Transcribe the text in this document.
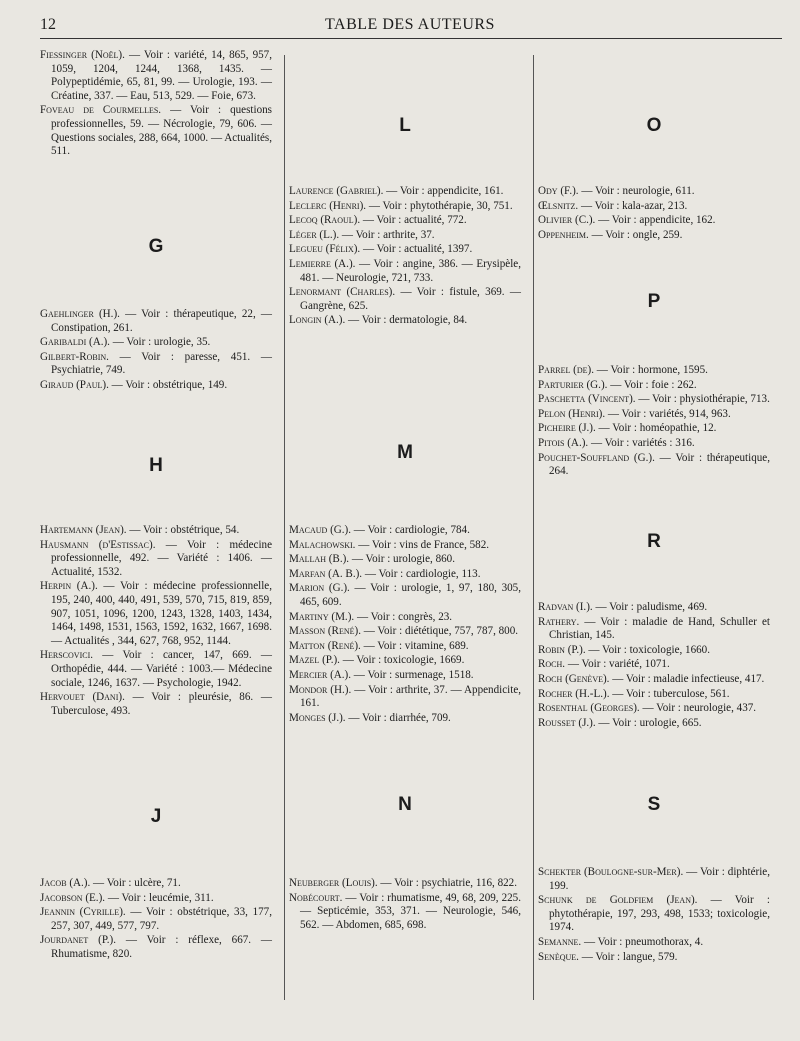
12	TABLE DES AUTEURS

Fiessinger (Noël). — Voir : variété, 14, 865, 957, 1059, 1204, 1244, 1368, 1435. — Polypeptidémie, 65, 81, 99. — Urologie, 193. — Créatine, 337. — Eau, 513, 529. — Foie, 673.

Foveau de Courmelles. — Voir : questions professionnelles, 59. — Nécrologie, 79, 606. — Questions sociales, 288, 664, 1000. — Actualités, 511.

G

Gaehlinger (H.). — Voir : thérapeutique, 22, — Constipation, 261.

Garibaldi (A.). — Voir : urologie, 35.

Gilbert-Robin. — Voir : paresse, 451. — Psychiatrie, 749.

Giraud (Paul). — Voir : obstétrique, 149.

H

Hartemann (Jean). — Voir : obstétrique, 54.

Hausmann (d'Estissac). — Voir : médecine professionnelle, 492. — Variété : 1406. — Actualité, 1532.

Herpin (A.). — Voir : médecine professionnelle, 195, 240, 400, 440, 491, 539, 570, 715, 819, 859, 907, 1051, 1096, 1200, 1243, 1328, 1403, 1434, 1464, 1498, 1531, 1563, 1592, 1632, 1667, 1698. — Actualités , 344, 627, 768, 952, 1144.

Herscovici. — Voir : cancer, 147, 669. — Orthopédie, 444. — Variété : 1003.— Médecine sociale, 1246, 1637. — Psychologie, 1942.

Hervouet (Dani). — Voir : pleurésie, 86. — Tuberculose, 493.

J

Jacob (A.). — Voir : ulcère, 71.

Jacobson (E.). — Voir : leucémie, 311.

Jeannin (Cyrille). — Voir : obstétrique, 33, 177, 257, 307, 449, 577, 797.

Jourdanet (P.). — Voir : réflexe, 667. — Rhumatisme, 820.

L

Laurence (Gabriel). — Voir : appendicite, 161.

Leclerc (Henri). — Voir : phytothérapie, 30, 751.

Lecoq (Raoul). — Voir : actualité, 772.

Léger (L.). — Voir : arthrite, 37.

Legueu (Félix). — Voir : actualité, 1397.

Lemierre (A.). — Voir : angine, 386. — Erysipèle, 481. — Neurologie, 721, 733.

Lenormant (Charles). — Voir : fistule, 369. — Gangrène, 625.

Longin (A.). — Voir : dermatologie, 84.

M

Macaud (G.). — Voir : cardiologie, 784.

Malachowski. — Voir : vins de France, 582.

Mallah (B.). — Voir : urologie, 860.

Marfan (A. B.). — Voir : cardiologie, 113.

Marion (G.). — Voir : urologie, 1, 97, 180, 305, 465, 609.

Martiny (M.). — Voir : congrès, 23.

Masson (René). — Voir : diététique, 757, 787, 800.

Matton (René). — Voir : vitamine, 689.

Mazel (P.). — Voir : toxicologie, 1669.

Mercier (A.). — Voir : surmenage, 1518.

Mondor (H.). — Voir : arthrite, 37. — Appendicite, 161.

Monges (J.). — Voir : diarrhée, 709.

N

Neuberger (Louis). — Voir : psychiatrie, 116, 822.

Nobécourt. — Voir : rhumatisme, 49, 68, 209, 225. — Septicémie, 353, 371. — Neurologie, 546, 562. — Abdomen, 685, 698.

O

Ody (F.). — Voir : neurologie, 611.

Œlsnitz. — Voir : kala-azar, 213.

Olivier (C.). — Voir : appendicite, 162.

Oppenheim. — Voir : ongle, 259.

P

Parrel (de). — Voir : hormone, 1595.

Parturier (G.). — Voir : foie : 262.

Paschetta (Vincent). — Voir : physiothérapie, 713.

Pelon (Henri). — Voir : variétés, 914, 963.

Picheire (J.). — Voir : homéopathie, 12.

Pitois (A.). — Voir : variétés : 316.

Pouchet-Souffland (G.). — Voir : thérapeutique, 264.

R

Radvan (I.). — Voir : paludisme, 469.

Rathery. — Voir : maladie de Hand, Schuller et Christian, 145.

Robin (P.). — Voir : toxicologie, 1660.

Roch. — Voir : variété, 1071.

Roch (Genève). — Voir : maladie infectieuse, 417.

Rocher (H.-L.). — Voir : tuberculose, 561.

Rosenthal (Georges). — Voir : neurologie, 437.

Rousset (J.). — Voir : urologie, 665.

S

Schekter (Boulogne-sur-Mer). — Voir : diphtérie, 199.

Schunk de Goldfiem (Jean). — Voir : phytothérapie, 197, 293, 498, 1533; toxicologie, 1974.

Semanne. — Voir : pneumothorax, 4.

Senèque. — Voir : langue, 579.
